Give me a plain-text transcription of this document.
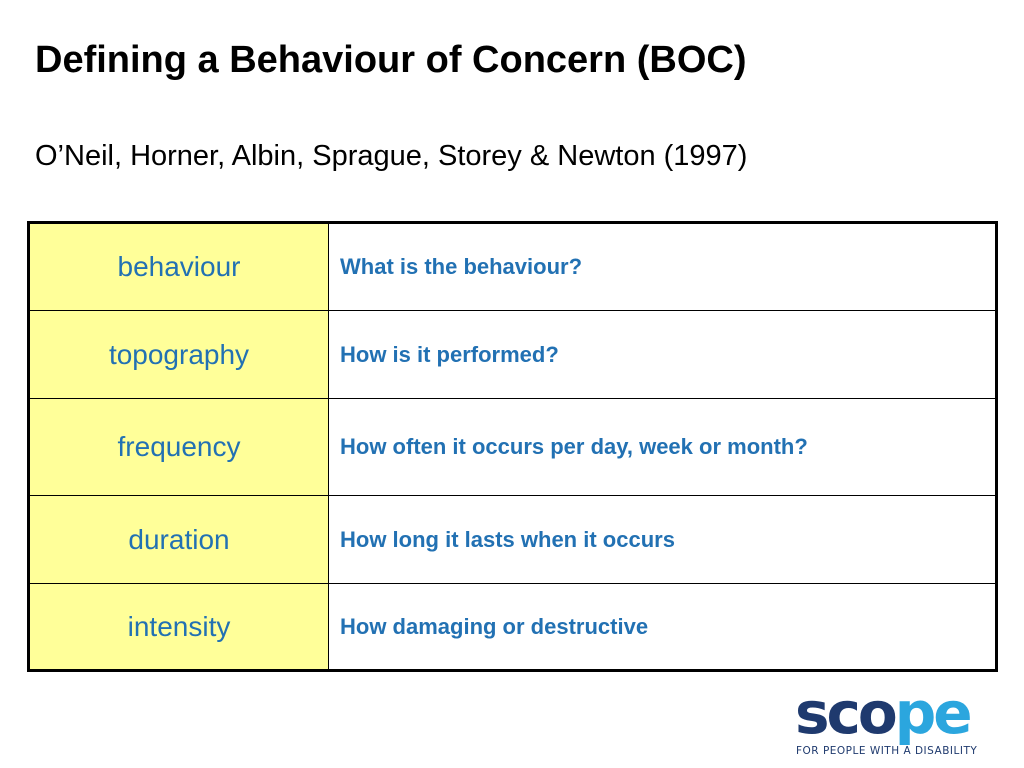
Defining a Behaviour of Concern (BOC)

O’Neil, Horner, Albin, Sprague, Storey & Newton (1997)

behaviour	What is the behaviour?
topography	How is it performed?
frequency	How often it occurs per day, week or month?
duration	How long it lasts when it occurs
intensity	How damaging or destructive
scope
FOR PEOPLE WITH A DISABILITY
